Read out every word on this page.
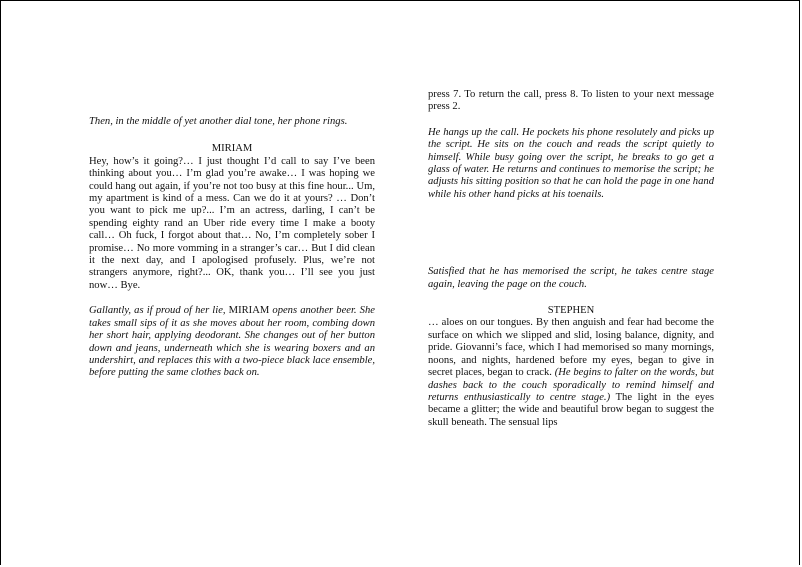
Then, in the middle of yet another dial tone, her phone rings.

MIRIAM

Hey, how’s it going?… I just thought I’d call to say I’ve been thinking about you… I’m glad you’re awake… I was hoping we could hang out again, if you’re not too busy at this fine hour... Um, my apartment is kind of a mess. Can we do it at yours? … Don’t you want to pick me up?... I’m an actress, darling, I can’t be spending eighty rand an Uber ride every time I make a booty call… Oh fuck, I forgot about that… No, I’m completely sober I promise… No more vomming in a stranger’s car… But I did clean it the next day, and I apologised profusely. Plus, we’re not strangers anymore, right?... OK, thank you… I’ll see you just now… Bye.

Gallantly, as if proud of her lie, MIRIAM opens another beer. She takes small sips of it as she moves about her room, combing down her short hair, applying deodorant. She changes out of her button down and jeans, underneath which she is wearing boxers and an undershirt, and replaces this with a two-piece black lace ensemble, before putting the same clothes back on.

press 7. To return the call, press 8. To listen to your next message press 2.

He hangs up the call. He pockets his phone resolutely and picks up the script. He sits on the couch and reads the script quietly to himself. While busy going over the script, he breaks to go get a glass of water. He returns and continues to memorise the script; he adjusts his sitting position so that he can hold the page in one hand while his other hand picks at his toenails.

Satisfied that he has memorised the script, he takes centre stage again, leaving the page on the couch.

STEPHEN

… aloes on our tongues. By then anguish and fear had become the surface on which we slipped and slid, losing balance, dignity, and pride. Giovanni’s face, which I had memorised so many mornings, noons, and nights, hardened before my eyes, began to give in secret places, began to crack. (He begins to falter on the words, but dashes back to the couch sporadically to remind himself and returns enthusiastically to centre stage.) The light in the eyes became a glitter; the wide and beautiful brow began to suggest the skull beneath. The sensual lips
